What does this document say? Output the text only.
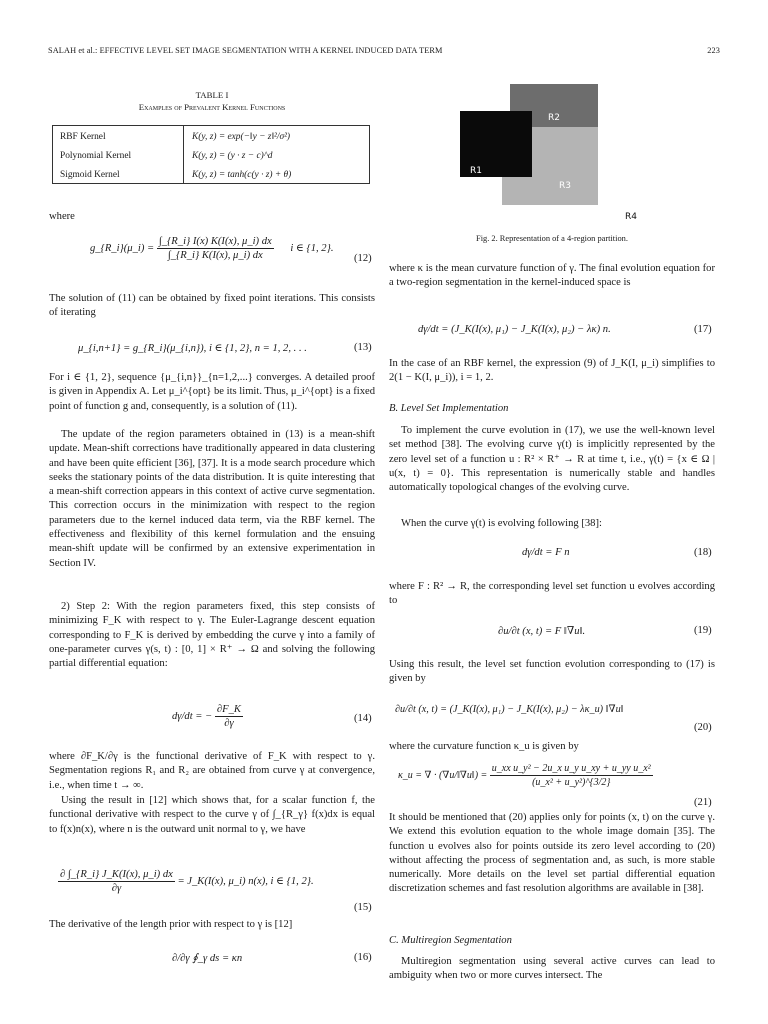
SALAH et al.: EFFECTIVE LEVEL SET IMAGE SEGMENTATION WITH A KERNEL INDUCED DATA TERM	223
TABLE I
Examples of Prevalent Kernel Functions
RBF Kernel	K(y, z) = exp(−‖y − z‖²/σ²)
Polynomial Kernel	K(y, z) = (y · z − c)^d
Sigmoid Kernel	K(y, z) = tanh(c(y · z) + θ)
where
g_{R_i}(μ_i) = $\frac{\int\_\{R\_i\} I(x) K(I(x), \mu\_i) dx}{\int\_\{R\_i\} K(I(x), \mu\_i) dx}$ i ∈ {1, 2}.
(12)

The solution of (11) can be obtained by fixed point iterations. This consists of iterating

μ_{i,n+1} = g_{R_i}(μ_{i,n}), i ∈ {1, 2}, n = 1, 2, . . .	(13)

For i ∈ {1, 2}, sequence {μ_{i,n}}_{n=1,2,...} converges. A detailed proof is given in Appendix A. Let μ_i^{opt} be its limit. Thus, μ_i^{opt} is a fixed point of function g and, consequently, is a solution of (11).

The update of the region parameters obtained in (13) is a mean-shift update. Mean-shift corrections have traditionally appeared in data clustering and have been quite efficient [36], [37]. It is a mode search procedure which seeks the stationary points of the data distribution. It is quite interesting that a mean-shift correction appears in this context of active curve segmentation. This correction occurs in the minimization with respect to the region parameters due to the kernel induced data term, via the RBF kernel. The effectiveness and flexibility of this kernel formulation and the ensuing mean-shift update will be confirmed by an extensive experimentation in Section IV.

2) Step 2: With the region parameters fixed, this step consists of minimizing F_K with respect to γ. The Euler-Lagrange descent equation corresponding to F_K is derived by embedding the curve γ into a family of one-parameter curves γ(s, t) : [0, 1] × R⁺ → Ω and solving the following partial differential equation:

dγ/dt = − $\frac{\partial F\_K}{\partial\gamma}$	(14)

where ∂F_K/∂γ is the functional derivative of F_K with respect to γ. Segmentation regions R₁ and R₂ are obtained from curve γ at convergence, i.e., when time t → ∞.

Using the result in [12] which shows that, for a scalar function f, the functional derivative with respect to the curve γ of ∫_{R_γ} f(x)dx is equal to f(x)n(x), where n is the outward unit normal to γ, we have

$\frac{\partial \int\_\{R\_i\} J\_K(I(x), \mu\_i) dx}{\partial\gamma}$ = J_K(I(x), μ_i) n(x), i ∈ {1, 2}.
(15)

The derivative of the length prior with respect to γ is [12]

∂/∂γ ∮_γ ds = κn	(16)
R2
R1
R3
R4
Fig. 2. Representation of a 4-region partition.

where κ is the mean curvature function of γ. The final evolution equation for a two-region segmentation in the kernel-induced space is

dγ/dt = (J_K(I(x), μ₁) − J_K(I(x), μ₂) − λκ) n.	(17)

In the case of an RBF kernel, the expression (9) of J_K(I, μ_i) simplifies to 2(1 − K(I, μ_i)), i = 1, 2.

B. Level Set Implementation

To implement the curve evolution in (17), we use the well-known level set method [38]. The evolving curve γ(t) is implicitly represented by the zero level set of a function u : R² × R⁺ → R at time t, i.e., γ(t) = {x ∈ Ω | u(x, t) = 0}. This representation is numerically stable and handles automatically topological changes of the evolving curve.

When the curve γ(t) is evolving following [38]:

dγ/dt = F n	(18)

where F : R² → R, the corresponding level set function u evolves according to

∂u/∂t (x, t) = F ‖∇u‖.	(19)

Using this result, the level set function evolution corresponding to (17) is given by

∂u/∂t (x, t) = (J_K(I(x), μ₁) − J_K(I(x), μ₂) − λκ_u) ‖∇u‖
(20)

where the curvature function κ_u is given by

κ_u = ∇ · (∇u/‖∇u‖) = $\frac{\text{u\_xx u\_y² − 2u\_x u\_y u\_xy + u\_yy u\_x²}}{\text{(u\_x² + u\_y²)\textasciicircum{}\{3/2\}}}$
(21)

It should be mentioned that (20) applies only for points (x, t) on the curve γ. We extend this evolution equation to the whole image domain [35]. The function u evolves also for points outside its zero level according to (20) without affecting the process of segmentation and, as such, is more stable numerically. More details on the level set partial differential equation discretization schemes and fast resolution algorithms are available in [38].

C. Multiregion Segmentation

Multiregion segmentation using several active curves can lead to ambiguity when two or more curves intersect. The
